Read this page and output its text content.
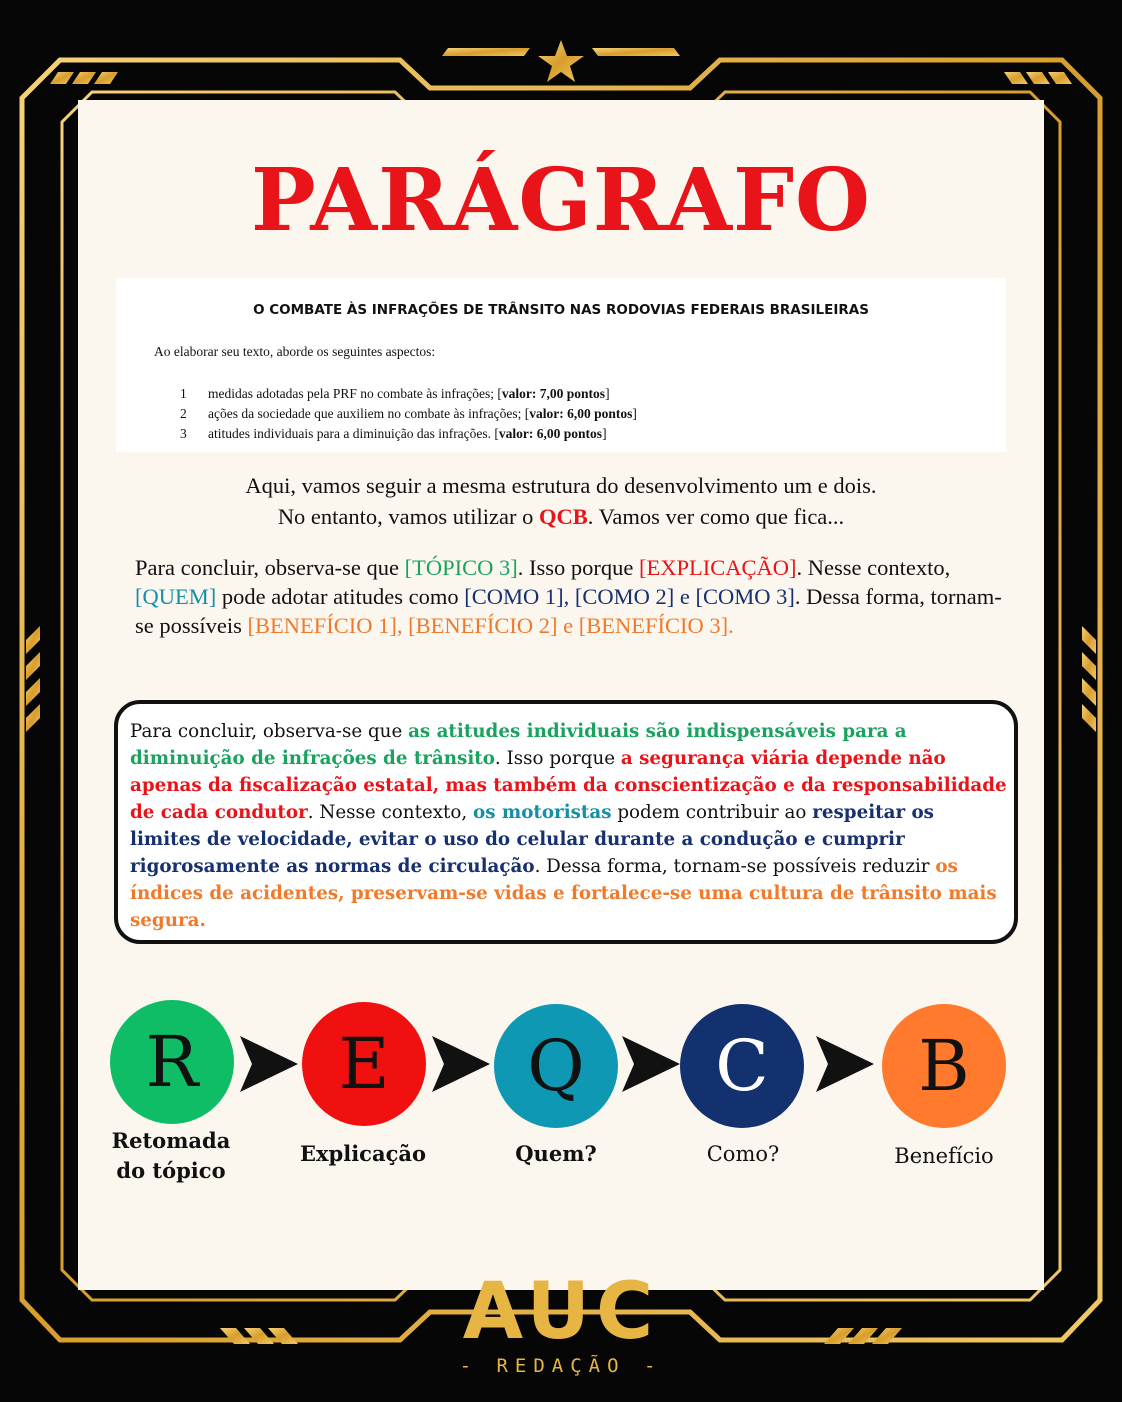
PARÁGRAFO
O COMBATE ÀS INFRAÇÕES DE TRÂNSITO NAS RODOVIAS FEDERAIS BRASILEIRAS
Ao elaborar seu texto, aborde os seguintes aspectos:
1 medidas adotadas pela PRF no combate às infrações; [valor: 7,00 pontos]
2 ações da sociedade que auxiliem no combate às infrações; [valor: 6,00 pontos]
3 atitudes individuais para a diminuição das infrações. [valor: 6,00 pontos]
Aqui, vamos seguir a mesma estrutura do desenvolvimento um e dois.
No entanto, vamos utilizar o QCB. Vamos ver como que fica...
Para concluir, observa-se que [TÓPICO 3]. Isso porque [EXPLICAÇÃO]. Nesse contexto, [QUEM] pode adotar atitudes como [COMO 1], [COMO 2] e [COMO 3]. Dessa forma, tornam-se possíveis [BENEFÍCIO 1], [BENEFÍCIO 2] e [BENEFÍCIO 3].
Para concluir, observa-se que as atitudes individuais são indispensáveis para a diminuição de infrações de trânsito. Isso porque a segurança viária depende não apenas da fiscalização estatal, mas também da conscientização e da responsabilidade de cada condutor. Nesse contexto, os motoristas podem contribuir ao respeitar os limites de velocidade, evitar o uso do celular durante a condução e cumprir rigorosamente as normas de circulação. Dessa forma, tornam-se possíveis reduzir os índices de acidentes, preservam-se vidas e fortalece-se uma cultura de trânsito mais segura.
R E Q C B
Retomada
do tópico
Explicação	Quem?	Como?	Benefício
AUC
- REDAÇÃO -
